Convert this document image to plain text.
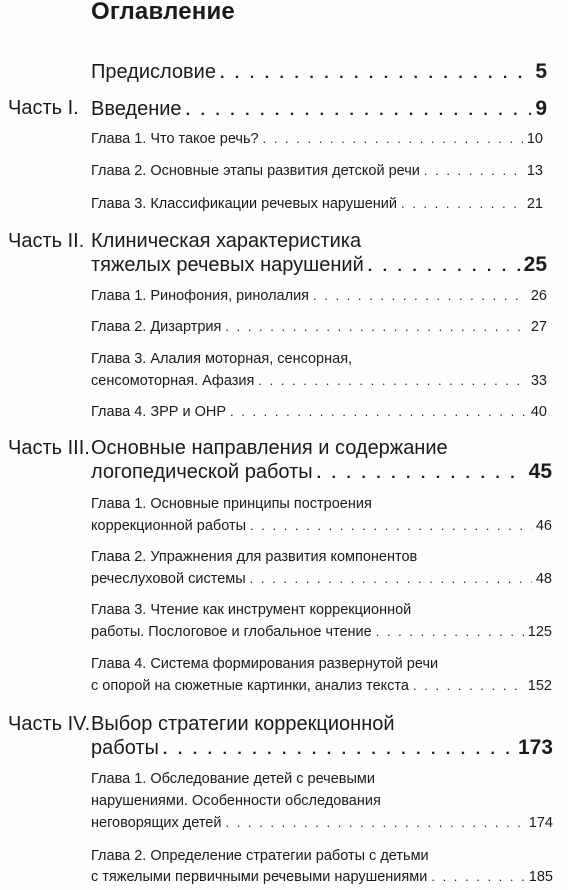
Оглавление
Предисловие . . .	5
Часть I. Введение . . .	9
Глава 1. Что такое речь? . . .	10
Глава 2. Основные этапы развития детской речи . . .	13
Глава 3. Классификации речевых нарушений . . .	21
Часть II. Клиническая характеристика
тяжелых речевых нарушений . . .	25
Глава 1. Ринофония, ринолалия . . .	26
Глава 2. Дизартрия . . .	27
Глава 3. Алалия моторная, сенсорная,
сенсомоторная. Афазия . . .	33
Глава 4. ЗРР и ОНР . . .	40
Часть III. Основные направления и содержание
логопедической работы . . .	45
Глава 1. Основные принципы построения
коррекционной работы . . .	46
Глава 2. Упражнения для развития компонентов
речеслуховой системы . . .	48
Глава 3. Чтение как инструмент коррекционной
работы. Послоговое и глобальное чтение . . .	125
Глава 4. Система формирования развернутой речи
с опорой на сюжетные картинки, анализ текста . . .	152
Часть IV. Выбор стратегии коррекционной
работы . . .	173
Глава 1. Обследование детей с речевыми
нарушениями. Особенности обследования
неговорящих детей . . .	174
Глава 2. Определение стратегии работы с детьми
с тяжелыми первичными речевыми нарушениями . . .	185
